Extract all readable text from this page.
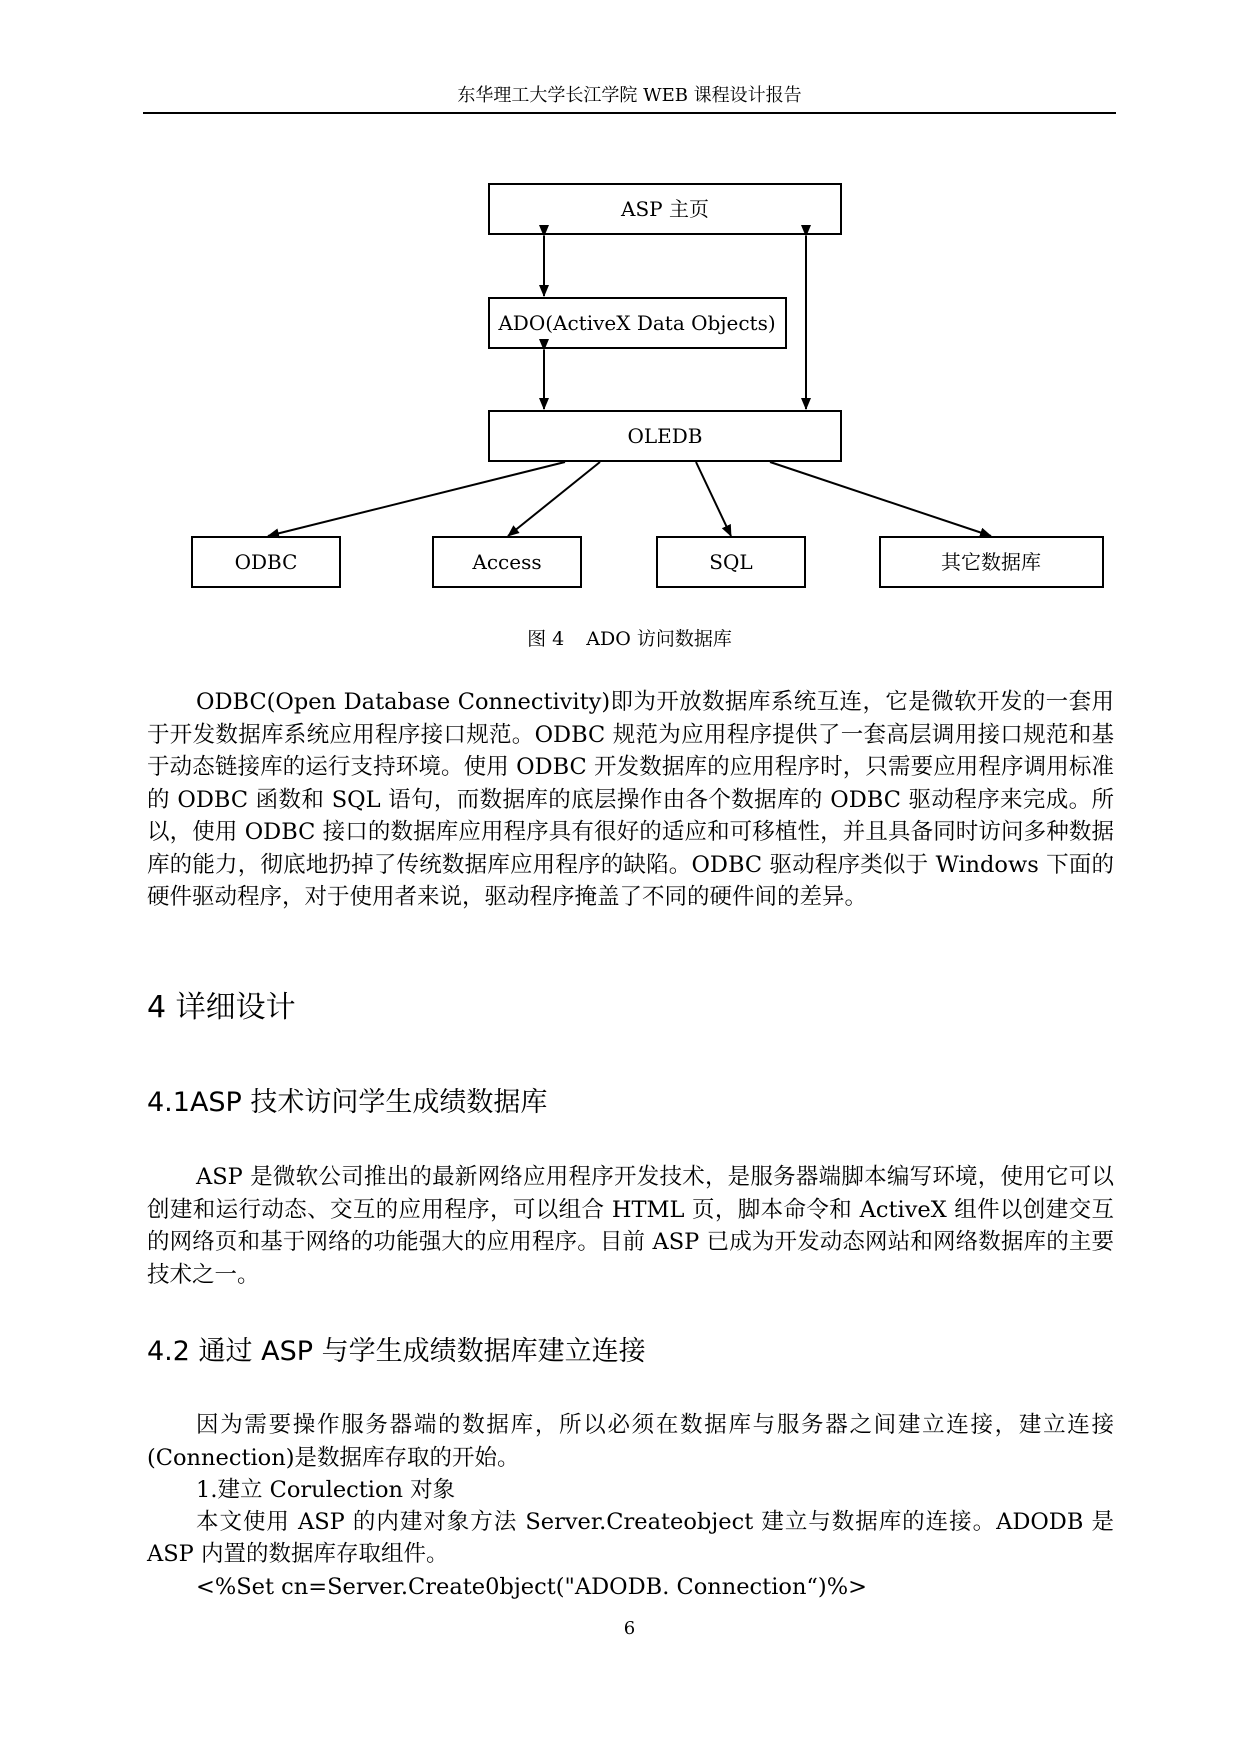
东华理工大学长江学院 WEB 课程设计报告
ASP 主页
ADO(ActiveX Data Objects)
OLEDB
ODBC	Access	SQL	其它数据库
图 4 ADO 访问数据库

ODBC(Open Database Connectivity)即为开放数据库系统互连，它是微软开发的一套用于开发数据库系统应用程序接口规范。ODBC 规范为应用程序提供了一套高层调用接口规范和基于动态链接库的运行支持环境。使用 ODBC 开发数据库的应用程序时，只需要应用程序调用标准的 ODBC 函数和 SQL 语句，而数据库的底层操作由各个数据库的 ODBC 驱动程序来完成。所以，使用 ODBC 接口的数据库应用程序具有很好的适应和可移植性，并且具备同时访问多种数据库的能力，彻底地扔掉了传统数据库应用程序的缺陷。ODBC 驱动程序类似于 Windows 下面的硬件驱动程序，对于使用者来说，驱动程序掩盖了不同的硬件间的差异。

4 详细设计
4.1ASP 技术访问学生成绩数据库

ASP 是微软公司推出的最新网络应用程序开发技术，是服务器端脚本编写环境，使用它可以创建和运行动态、交互的应用程序，可以组合 HTML 页，脚本命令和 ActiveX 组件以创建交互的网络页和基于网络的功能强大的应用程序。目前 ASP 已成为开发动态网站和网络数据库的主要技术之一。

4.2 通过 ASP 与学生成绩数据库建立连接

因为需要操作服务器端的数据库，所以必须在数据库与服务器之间建立连接，建立连接(Connection)是数据库存取的开始。

1.建立 Corulection 对象

本文使用 ASP 的内建对象方法 Server.Createobject 建立与数据库的连接。ADODB 是 ASP 内置的数据库存取组件。

<%Set cn=Server.Create0bject("ADODB. Connection“)%>

6
